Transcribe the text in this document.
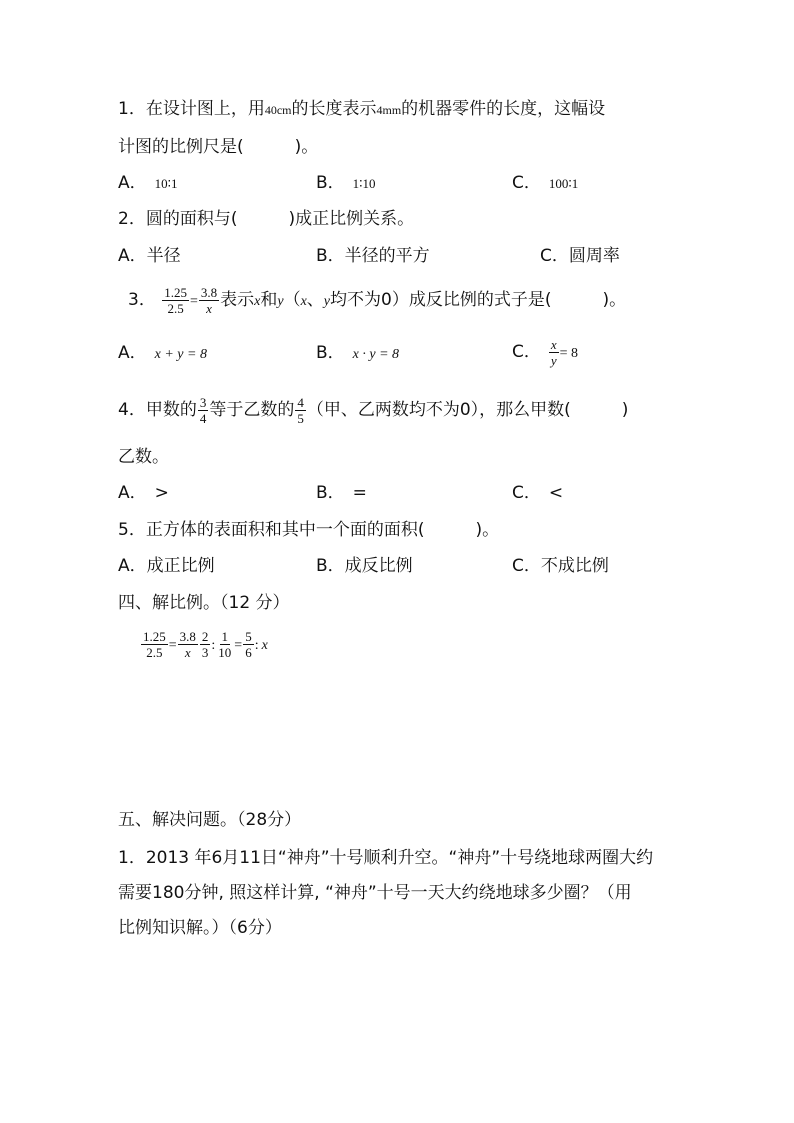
1．在设计图上，用40cm的长度表示4mm的机器零件的长度，这幅设
计图的比例尺是(　　　)。
A． 10∶1	B． 1∶10	C． 100∶1
2．圆的面积与(　　　)成正比例关系。
A．半径	B．半径的平方	C．圆周率
3． $\frac{1.25}{2.5} = \frac{3.8}{x}$ 表示x和y（x、y均不为0）成反比例的式子是(　　　)。
A． x + y = 8	B． x · y = 8	C． $\frac{x}{y} = 8$
4．甲数的 $\frac{3}{4}$ 等于乙数的 $\frac{4}{5}$ （甲、乙两数均不为0），那么甲数(　　　)
乙数。
A． >	B． =	C． <
5．正方体的表面积和其中一个面的面积(　　　)。
A．成正比例	B．成反比例	C．不成比例
四、解比例。（12 分）
$\frac{1.25}{2.5} = \frac{3.8}{x} \frac{2}{3}$ : $\frac{1}{10} = \frac{5}{6}$ : x
五、解决问题。（28分）
1．2013 年6月11日“神舟”十号顺利升空。“神舟”十号绕地球两圈大约
需要180分钟, 照这样计算, “神舟”十号一天大约绕地球多少圈？（用
比例知识解。）（6分）
